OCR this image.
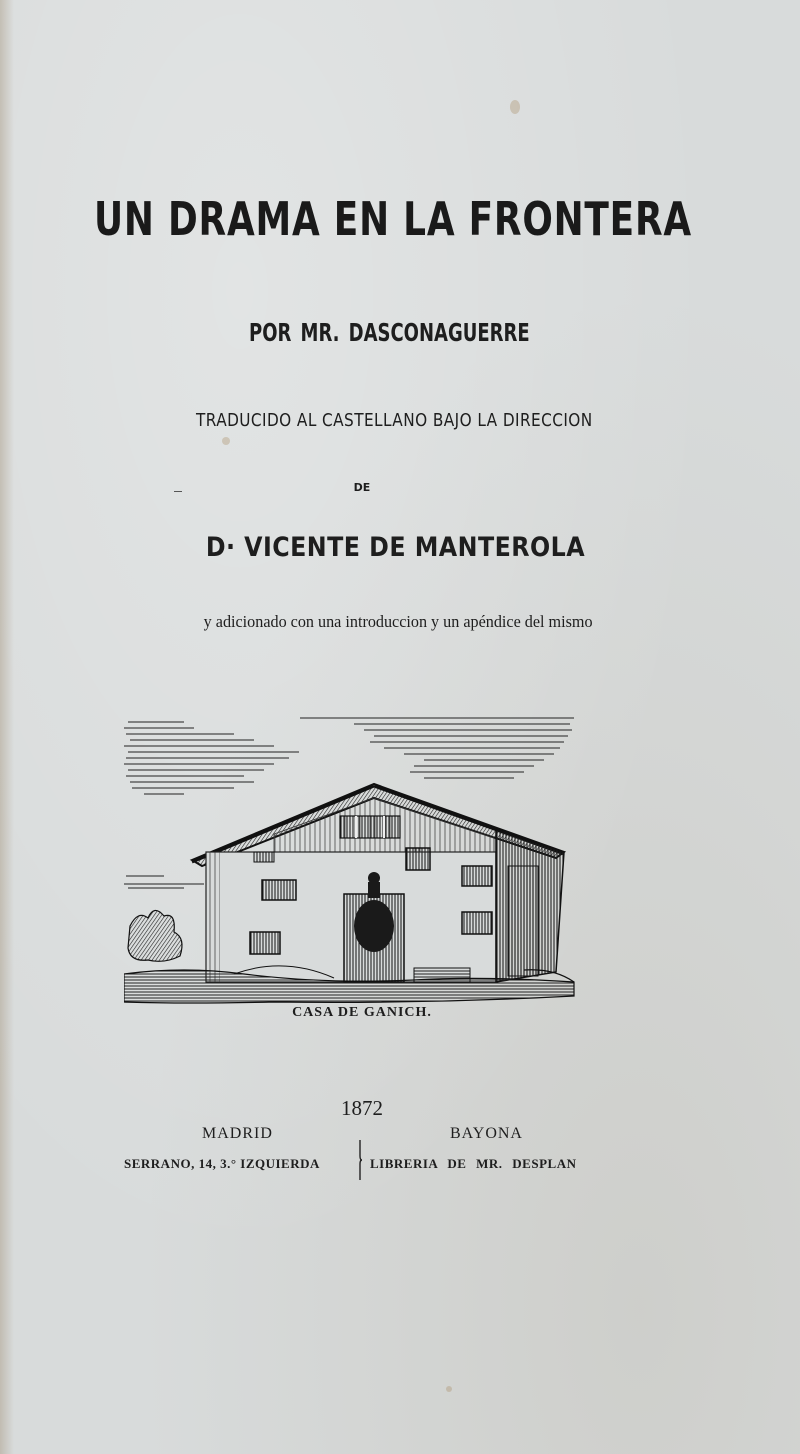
UN DRAMA EN LA FRONTERA
POR MR. DASCONAGUERRE
TRADUCIDO AL CASTELLANO BAJO LA DIRECCION
DE
D· VICENTE DE MANTEROLA
y adicionado con una introduccion y un apéndice del mismo
CASA DE GANICH.
1872
MADRID	BAYONA
SERRANO, 14, 3.° IZQUIERDA	LIBRERIA DE MR. DESPLAN
